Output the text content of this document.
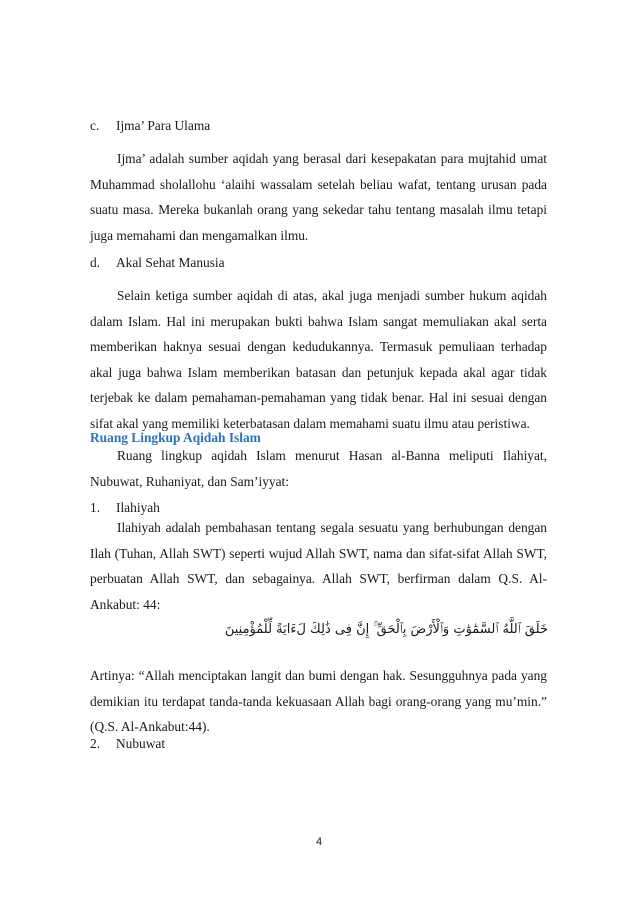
c. Ijma’ Para Ulama

Ijma’ adalah sumber aqidah yang berasal dari kesepakatan para mujtahid umat Muhammad sholallohu ‘alaihi wassalam setelah beliau wafat, tentang urusan pada suatu masa. Mereka bukanlah orang yang sekedar tahu tentang masalah ilmu tetapi juga memahami dan mengamalkan ilmu.

d. Akal Sehat Manusia

Selain ketiga sumber aqidah di atas, akal juga menjadi sumber hukum aqidah dalam Islam. Hal ini merupakan bukti bahwa Islam sangat memuliakan akal serta memberikan haknya sesuai dengan kedudukannya. Termasuk pemuliaan terhadap akal juga bahwa Islam memberikan batasan dan petunjuk kepada akal agar tidak terjebak ke dalam pemahaman-pemahaman yang tidak benar. Hal ini sesuai dengan sifat akal yang memiliki keterbatasan dalam memahami suatu ilmu atau peristiwa.

Ruang Lingkup Aqidah Islam

Ruang lingkup aqidah Islam menurut Hasan al-Banna meliputi Ilahiyat, Nubuwat, Ruhaniyat, dan Sam’iyyat:

1. Ilahiyah

Ilahiyah adalah pembahasan tentang segala sesuatu yang berhubungan dengan Ilah (Tuhan, Allah SWT) seperti wujud Allah SWT, nama dan sifat-sifat Allah SWT, perbuatan Allah SWT, dan sebagainya. Allah SWT, berfirman dalam Q.S. Al-Ankabut: 44:

خَلَقَ ٱللَّهُ ٱلسَّمَٰوَٰتِ وَٱلْأَرْضَ بِٱلْحَقِّ ۚ إِنَّ فِى ذَٰلِكَ لَءَايَةً لِّلْمُؤْمِنِينَ

Artinya: “Allah menciptakan langit dan bumi dengan hak. Sesungguhnya pada yang demikian itu terdapat tanda-tanda kekuasaan Allah bagi orang-orang yang mu’min.” (Q.S. Al-Ankabut:44).

2. Nubuwat
4
